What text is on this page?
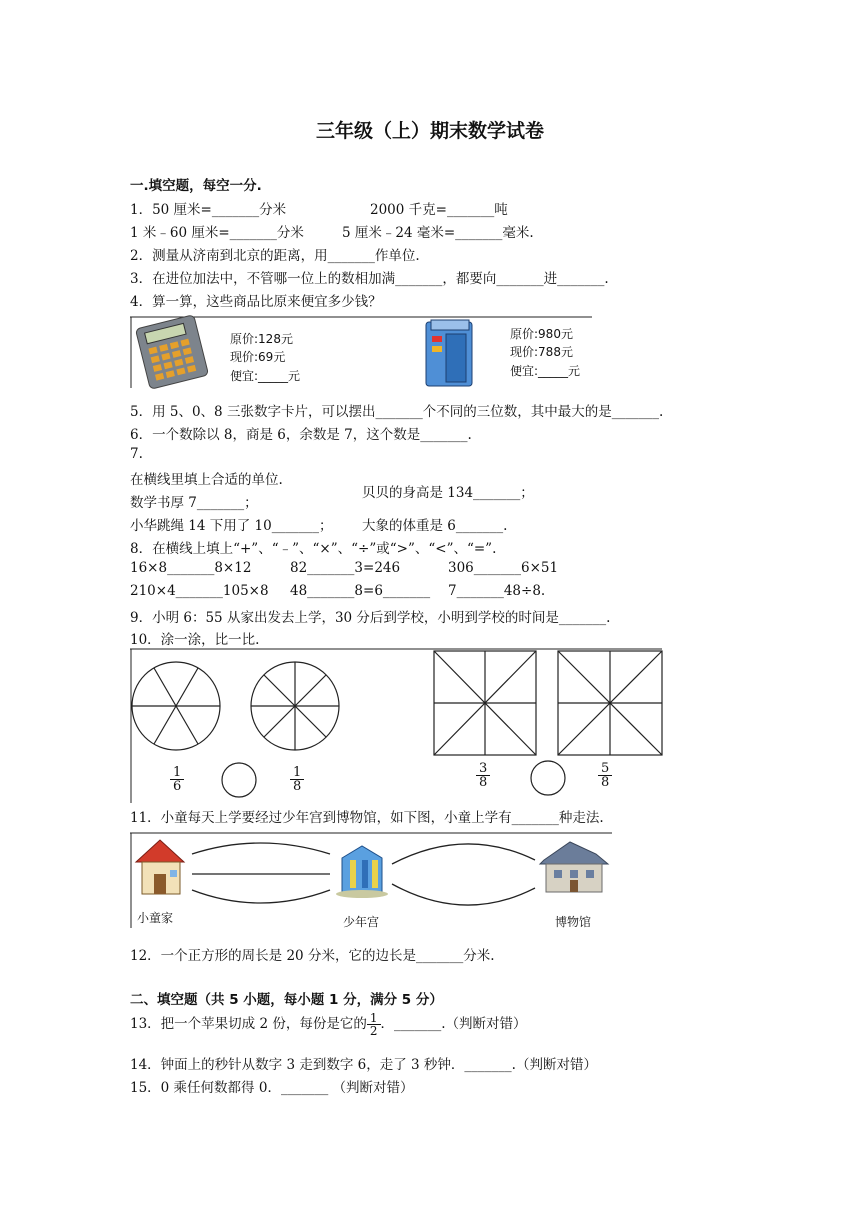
三年级（上）期末数学试卷
一.填空题，每空一分.
1．50 厘米=_______分米	2000 千克=_______吨
1 米﹣60 厘米=_______分米	5 厘米﹣24 毫米=_______毫米.
2．测量从济南到北京的距离，用_______作单位.
3．在进位加法中，不管哪一位上的数相加满_______，都要向_______进_______.
4．算一算，这些商品比原来便宜多少钱？
原价:128元
现价:69元
便宜:_____元
原价:980元
现价:788元
便宜:_____元
5．用 5、0、8 三张数字卡片，可以摆出_______个不同的三位数，其中最大的是_______.
6．一个数除以 8，商是 6，余数是 7，这个数是_______.
7.
在横线里填上合适的单位.
数学书厚 7_______；
贝贝的身高是 134_______；
小华跳绳 14 下用了 10_______； 大象的体重是 6_______.
8．在横线上填上“+”、“﹣”、“×”、“÷”或“>”、“<”、“=”.
16×8_______8×12	82_______3=246	306_______6×51
210×4_______105×8 48_______8=6_______ 7_______48÷8.
9．小明 6：55 从家出发去上学，30 分后到学校，小明到学校的时间是_______.
10．涂一涂，比一比.
$\frac{1}{6}$	$\frac{1}{8}$	$\frac{3}{8}$	$\frac{5}{8}$
11．小童每天上学要经过少年宫到博物馆，如下图，小童上学有_______种走法.
小童家	少年宫	博物馆
12．一个正方形的周长是 20 分米，它的边长是_______分米.
二、填空题（共 5 小题，每小题 1 分，满分 5 分）
13．把一个苹果切成 2 份，每份是它的 $\frac{1}{2}$ ．_______.（判断对错）
14．钟面上的秒针从数字 3 走到数字 6，走了 3 秒钟．_______.（判断对错）
15．0 乘任何数都得 0．_______ （判断对错）
